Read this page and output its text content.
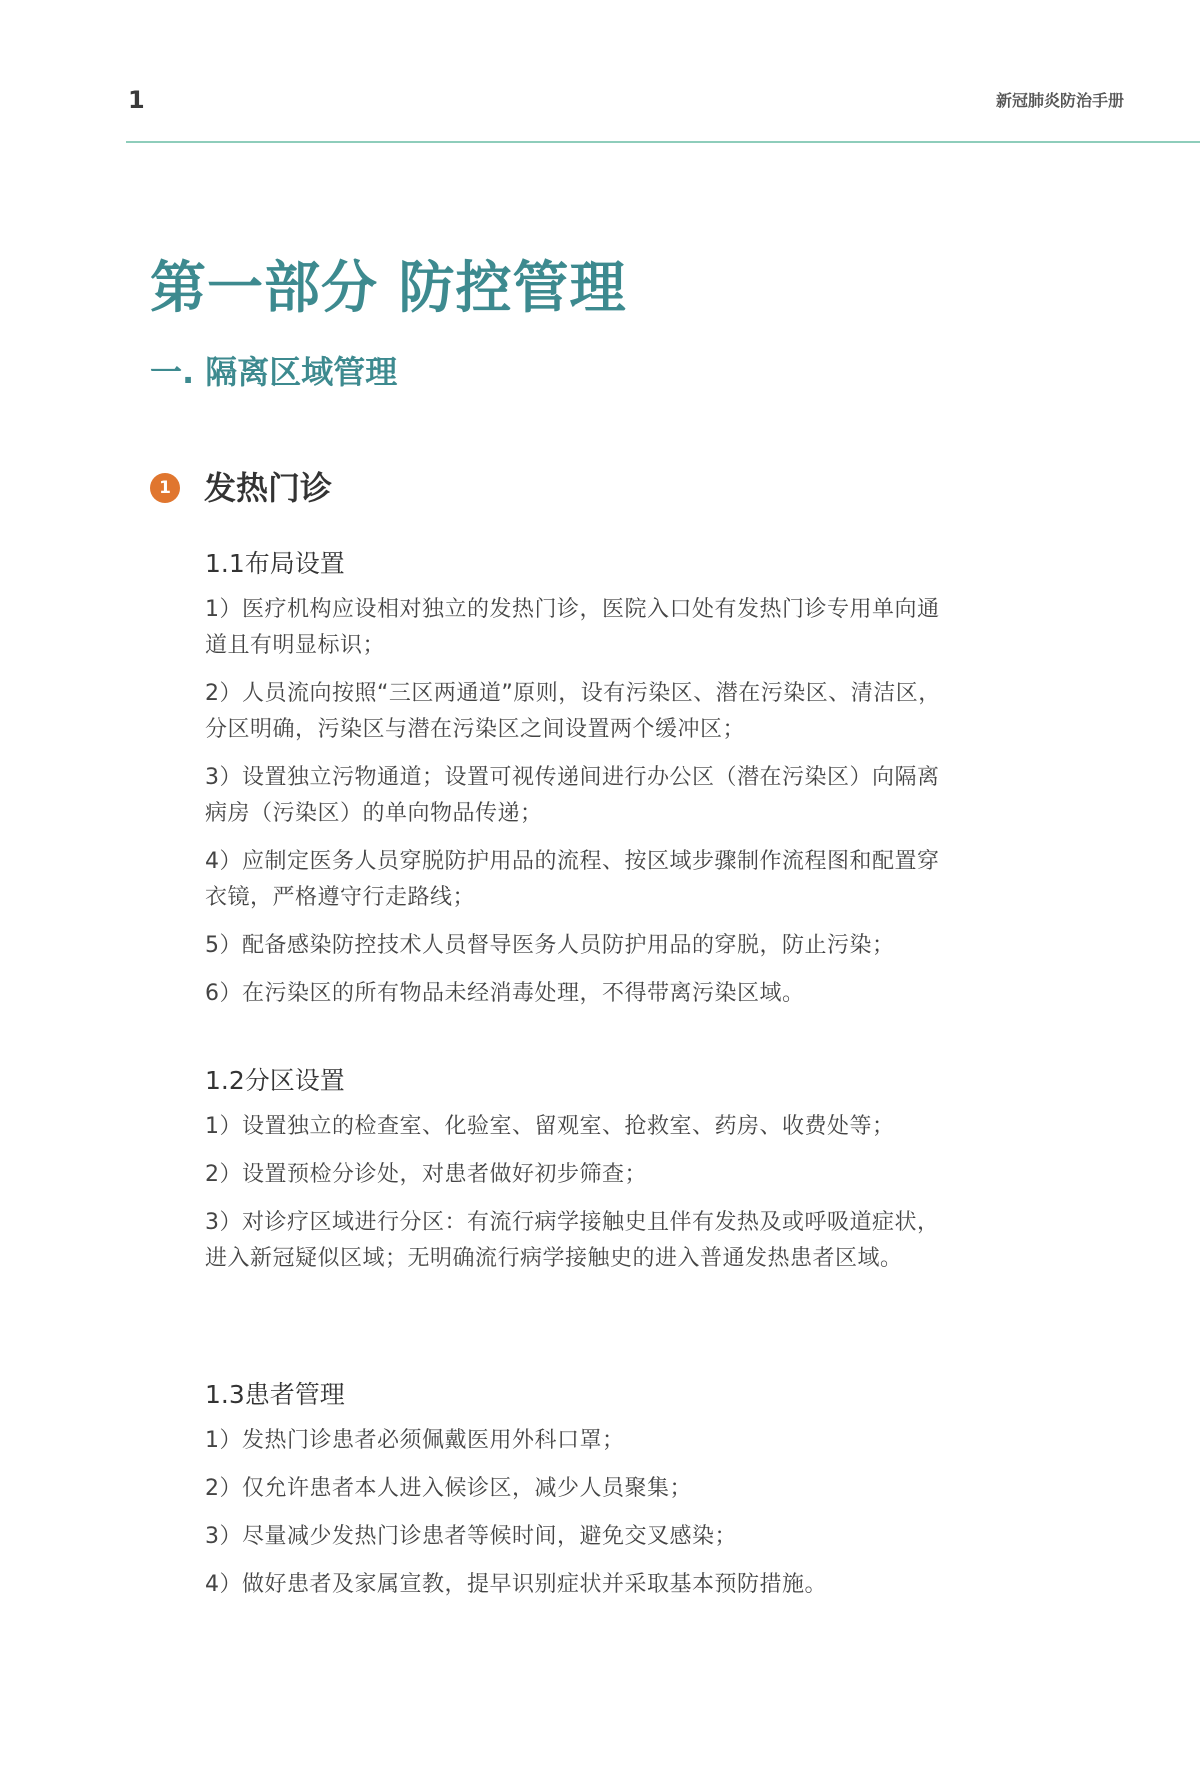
1	新冠肺炎防治手册
第一部分 防控管理
一. 隔离区域管理
1 发热门诊
1.1布局设置

1）医疗机构应设相对独立的发热门诊，医院入口处有发热门诊专用单向通道且有明显标识；

2）人员流向按照“三区两通道”原则，设有污染区、潜在污染区、清洁区，分区明确，污染区与潜在污染区之间设置两个缓冲区；

3）设置独立污物通道；设置可视传递间进行办公区（潜在污染区）向隔离病房（污染区）的单向物品传递；

4）应制定医务人员穿脱防护用品的流程、按区域步骤制作流程图和配置穿衣镜，严格遵守行走路线；

5）配备感染防控技术人员督导医务人员防护用品的穿脱，防止污染；

6）在污染区的所有物品未经消毒处理，不得带离污染区域。

1.2分区设置

1）设置独立的检查室、化验室、留观室、抢救室、药房、收费处等；

2）设置预检分诊处，对患者做好初步筛查；

3）对诊疗区域进行分区：有流行病学接触史且伴有发热及或呼吸道症状，进入新冠疑似区域；无明确流行病学接触史的进入普通发热患者区域。

1.3患者管理

1）发热门诊患者必须佩戴医用外科口罩；

2）仅允许患者本人进入候诊区，减少人员聚集；

3）尽量减少发热门诊患者等候时间，避免交叉感染；

4）做好患者及家属宣教，提早识别症状并采取基本预防措施。
